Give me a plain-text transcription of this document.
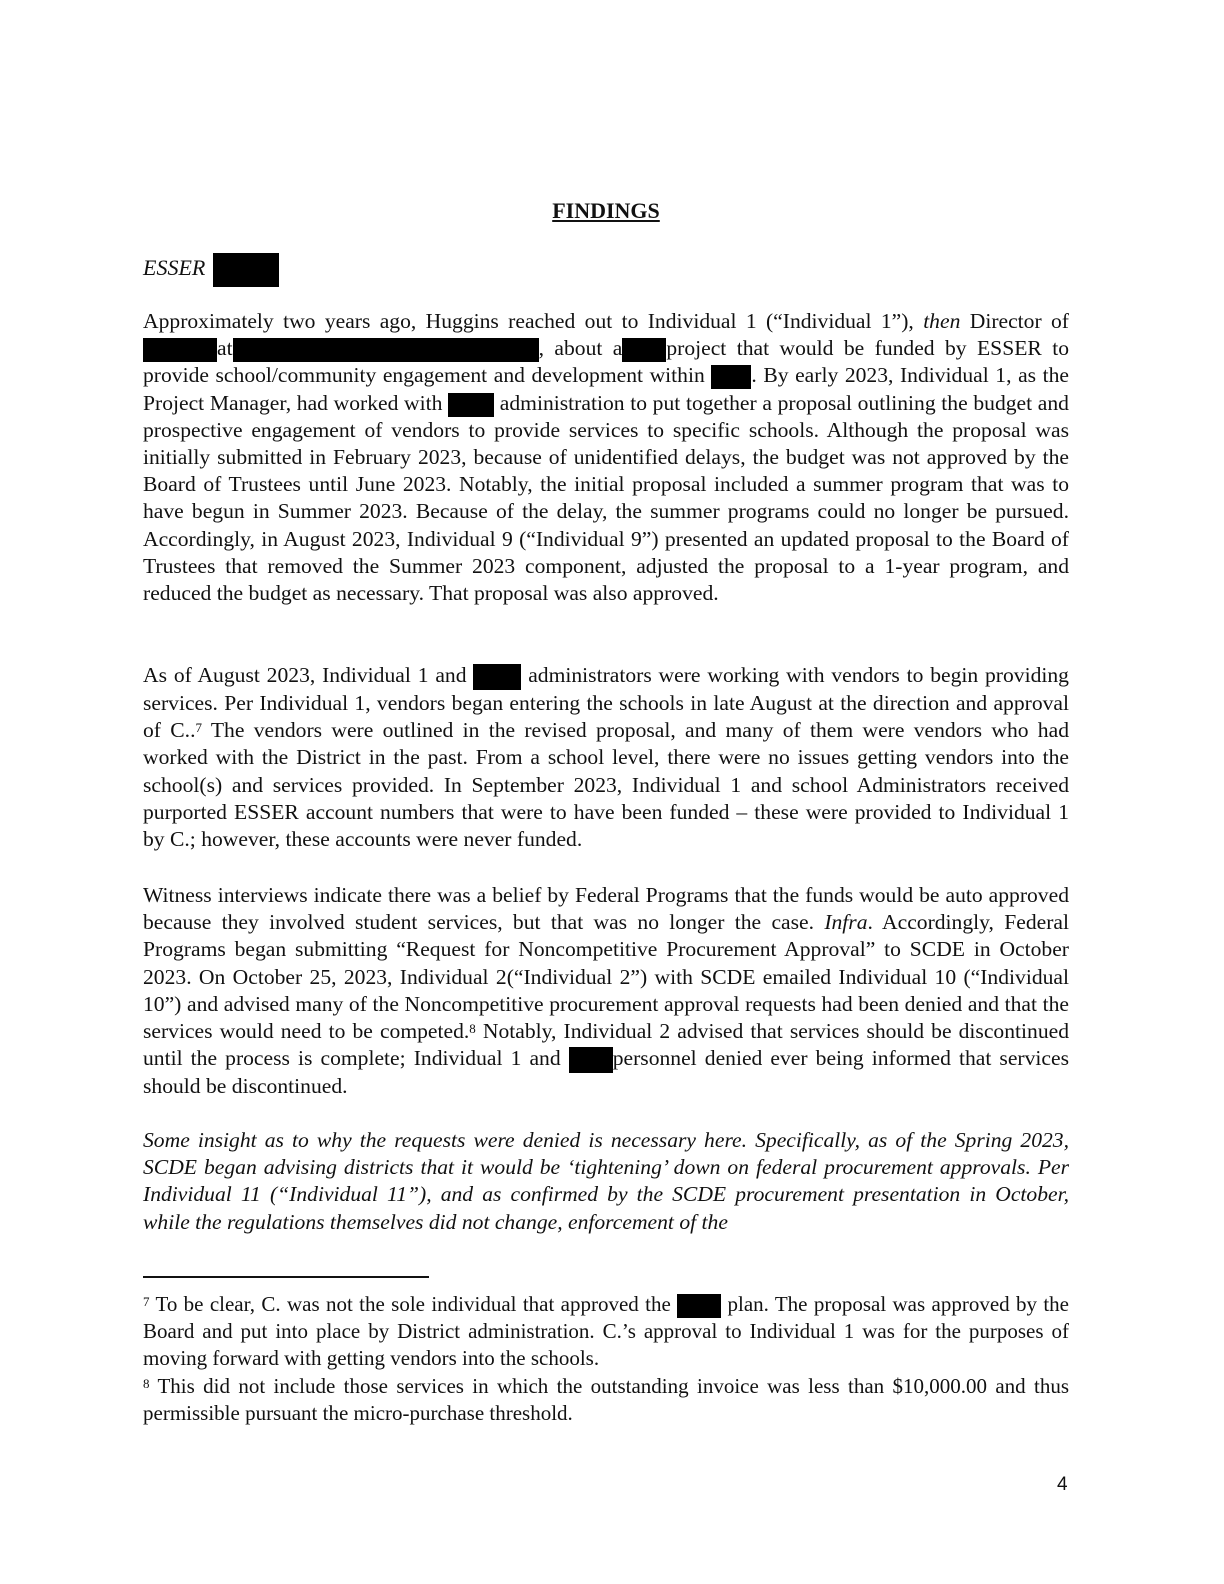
FINDINGS
ESSER

Approximately two years ago, Huggins reached out to Individual 1 (“Individual 1”), then Director ofat	, about a project that would be funded by ESSER to provide school/community engagement and development within . By early 2023, Individual 1, as the Project Manager, had worked with	administration to put together a proposal outlining the budget and prospective engagement of vendors to provide services to specific schools. Although the proposal was initially submitted in February 2023, because of unidentified delays, the budget was not approved by the Board of Trustees until June 2023. Notably, the initial proposal included a summer program that was to have begun in Summer 2023. Because of the delay, the summer programs could no longer be pursued. Accordingly, in August 2023, Individual 9 (“Individual 9”) presented an updated proposal to the Board of Trustees that removed the Summer 2023 component, adjusted the proposal to a 1-year program, and reduced the budget as necessary. That proposal was also approved.

As of August 2023, Individual 1 and	administrators were working with vendors to begin providing services. Per Individual 1, vendors began entering the schools in late August at the direction and approval of C..$^7$ The vendors were outlined in the revised proposal, and many of them were vendors who had worked with the District in the past. From a school level, there were no issues getting vendors into the school(s) and services provided. In September 2023, Individual 1 and school Administrators received purported ESSER account numbers that were to have been funded – these were provided to Individual 1 by C.; however, these accounts were never funded.

Witness interviews indicate there was a belief by Federal Programs that the funds would be auto approved because they involved student services, but that was no longer the case. Infra. Accordingly, Federal Programs began submitting “Request for Noncompetitive Procurement Approval” to SCDE in October 2023. On October 25, 2023, Individual 2(“Individual 2”) with SCDE emailed Individual 10 (“Individual 10”) and advised many of the Noncompetitive procurement approval requests had been denied and that the services would need to be competed.$^8$ Notably, Individual 2 advised that services should be discontinued until the process is complete; Individual 1 and personnel denied ever being informed that services should be discontinued.

Some insight as to why the requests were denied is necessary here. Specifically, as of the Spring 2023, SCDE began advising districts that it would be ‘tightening’ down on federal procurement approvals. Per Individual 11 (“Individual 11”), and as confirmed by the SCDE procurement presentation in October, while the regulations themselves did not change, enforcement of the

$^7$ To be clear, C. was not the sole individual that approved the	plan. The proposal was approved by the Board and put into place by District administration. C.’s approval to Individual 1 was for the purposes of moving forward with getting vendors into the schools.

$^8$ This did not include those services in which the outstanding invoice was less than $10,000.00 and thus permissible pursuant the micro-purchase threshold.

4
